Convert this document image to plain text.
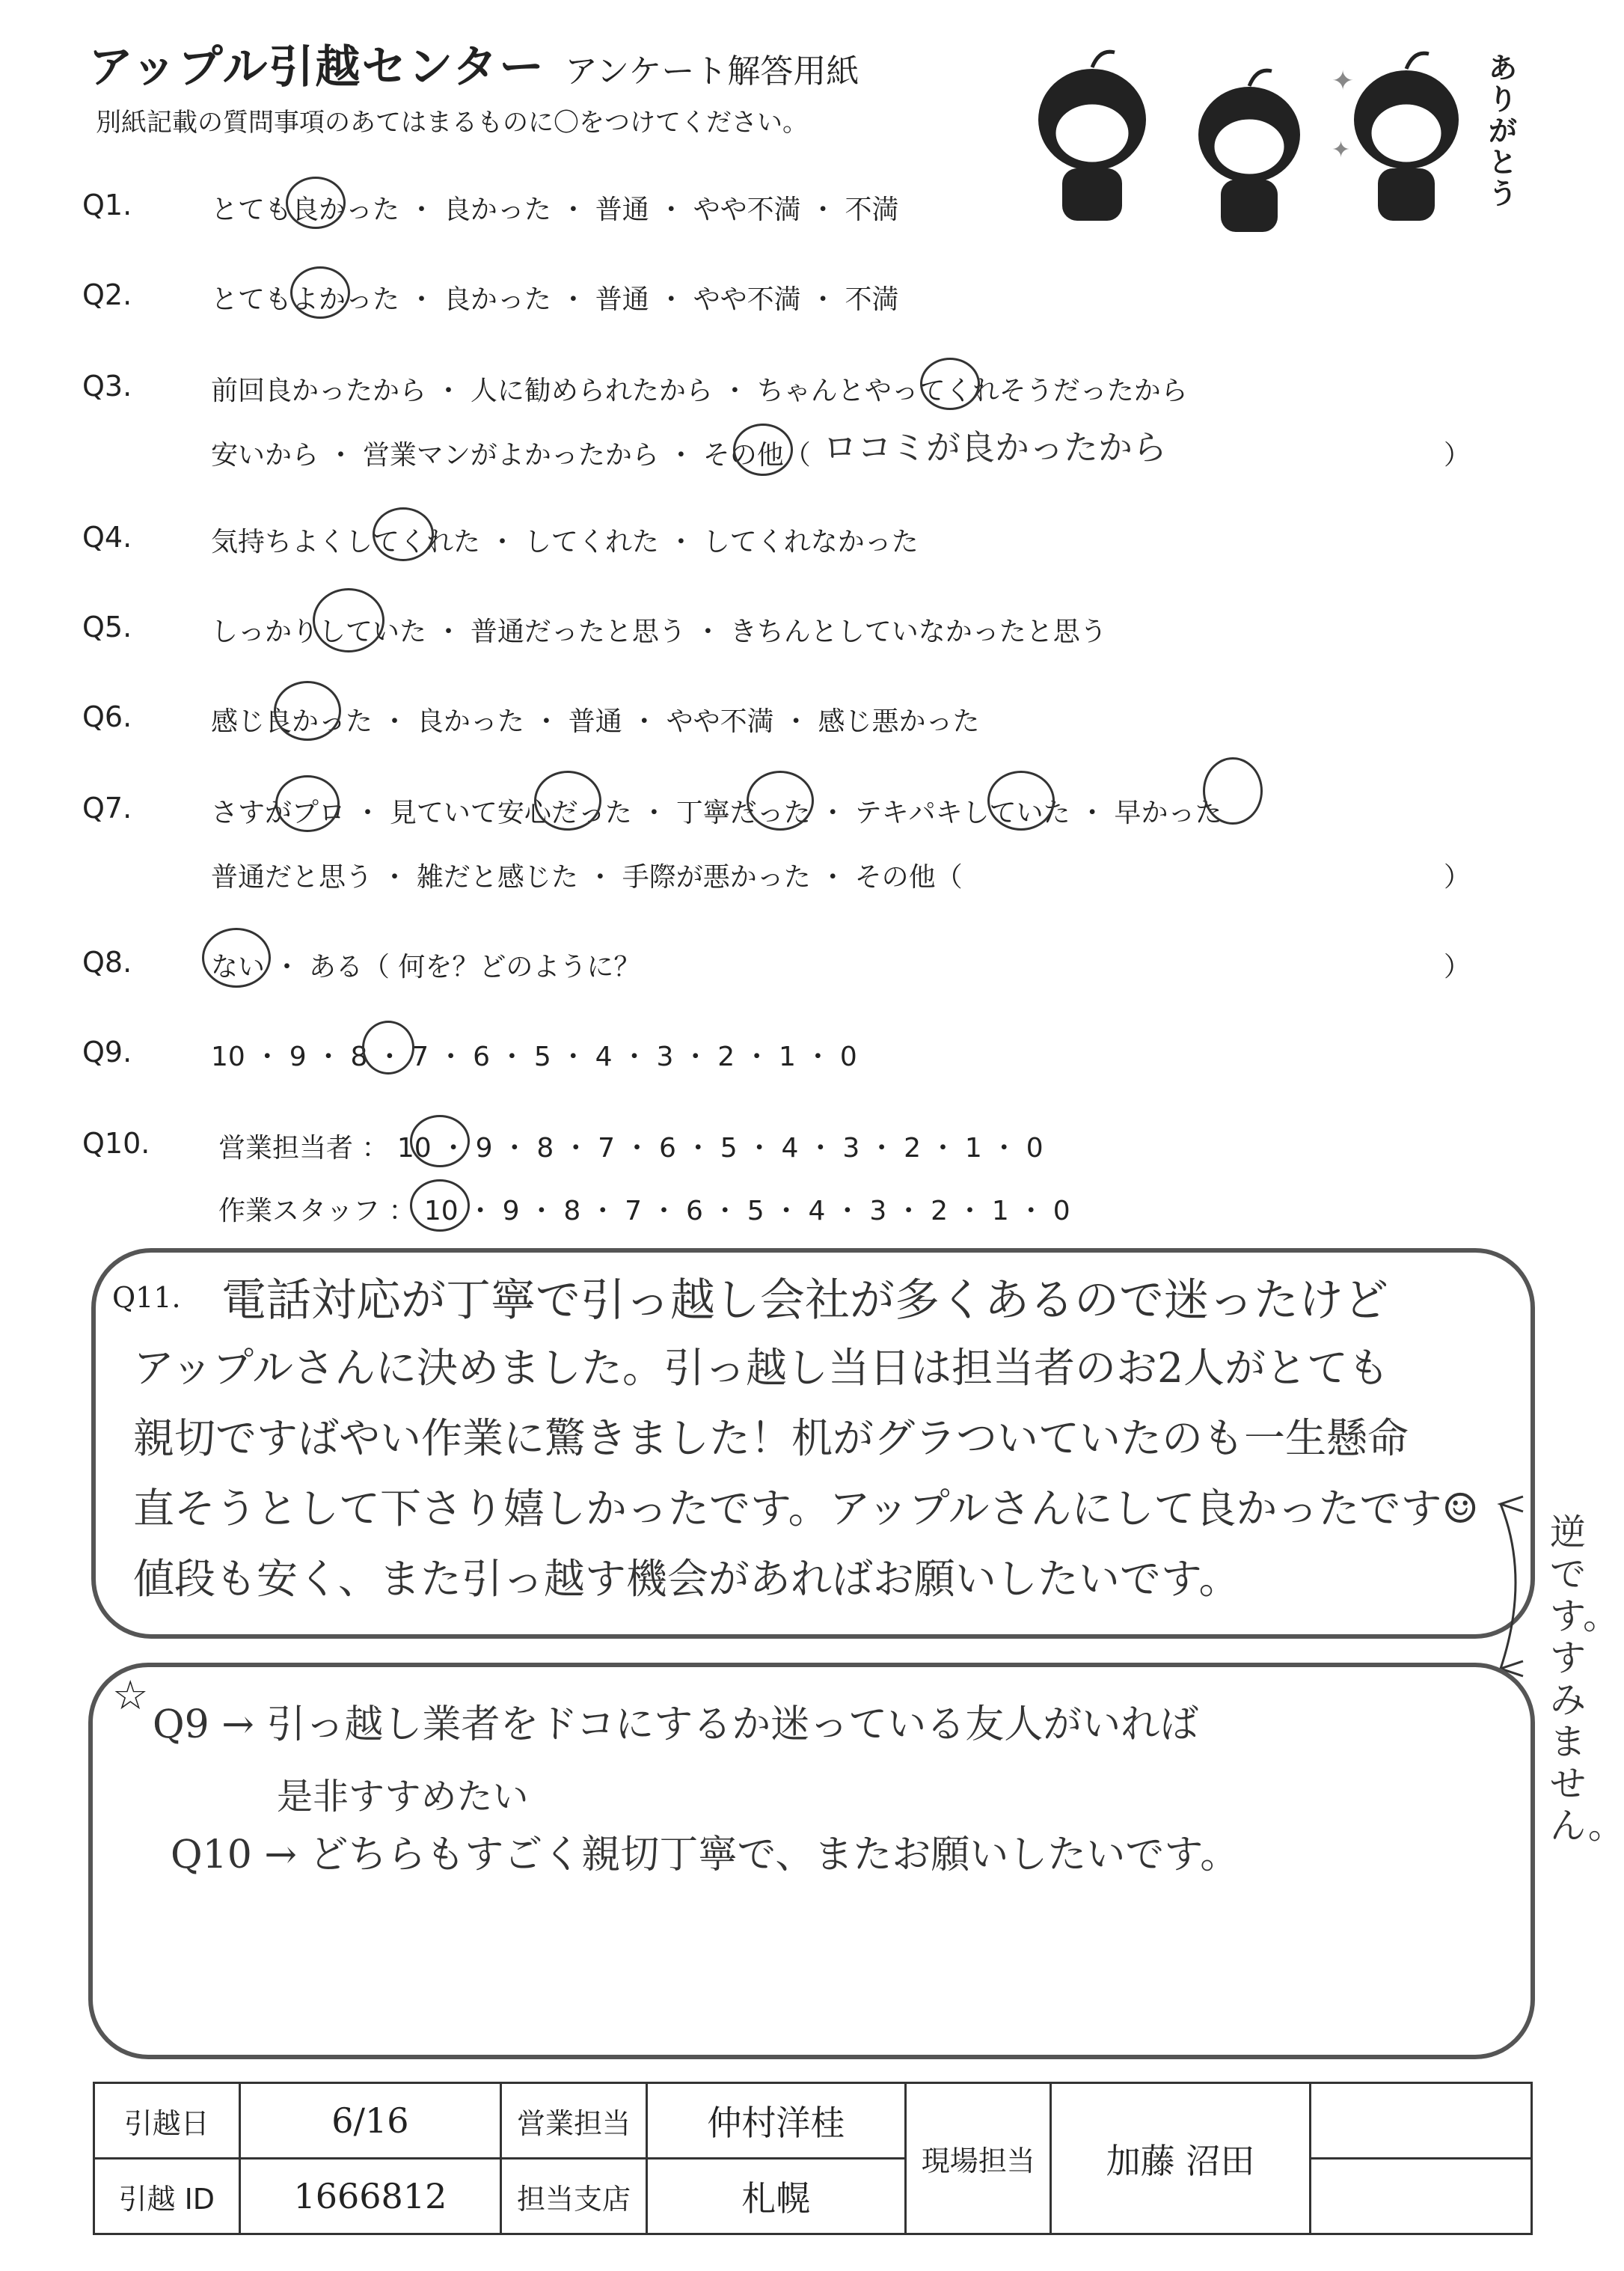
アップル引越センター アンケート解答用紙
別紙記載の質問事項のあてはまるものに〇をつけてください。
✦
✦
ありがとう
Q1.	とても良かった ・ 良かった ・ 普通 ・ やや不満 ・ 不満
Q2.	とてもよかった ・ 良かった ・ 普通 ・ やや不満 ・ 不満
Q3.	前回良かったから ・ 人に勧められたから ・ ちゃんとやってくれそうだったから
安いから ・ 営業マンがよかったから ・ その他（ ロコミが良かったから	）
Q4.	気持ちよくしてくれた ・ してくれた ・ してくれなかった
Q5.	しっかりしていた ・ 普通だったと思う ・ きちんとしていなかったと思う
Q6.	感じ良かった ・ 良かった ・ 普通 ・ やや不満 ・ 感じ悪かった
Q7.	さすがプロ ・ 見ていて安心だった ・ 丁寧だった ・ テキパキしていた ・ 早かった
普通だと思う ・ 雑だと感じた ・ 手際が悪かった ・ その他（	）
Q8.	ない ・ ある（ 何を？どのように？	）
Q9.	10 ・ 9 ・ 8 ・ 7 ・ 6 ・ 5 ・ 4 ・ 3 ・ 2 ・ 1 ・ 0
Q10.	営業担当者 ： 10 ・ 9 ・ 8 ・ 7 ・ 6 ・ 5 ・ 4 ・ 3 ・ 2 ・ 1 ・ 0
作業スタッフ ： 10 ・ 9 ・ 8 ・ 7 ・ 6 ・ 5 ・ 4 ・ 3 ・ 2 ・ 1 ・ 0
Q11. 電話対応が丁寧で引っ越し会社が多くあるので迷ったけど
アップルさんに決めました。引っ越し当日は担当者のお2人がとても
親切ですばやい作業に驚きました！机がグラついていたのも一生懸命
直そうとして下さり嬉しかったです。アップルさんにして良かったです☺
値段も安く、また引っ越す機会があればお願いしたいです。
逆です。すみません。
☆
Q9 → 引っ越し業者をドコにするか迷っている友人がいれば
是非すすめたい
Q10 → どちらもすごく親切丁寧で、またお願いしたいです。
引越日	6/16	営業担当	仲村洋桂	現場担当	加藤 沼田	
引越 ID	1666812	担当支店	札幌			
